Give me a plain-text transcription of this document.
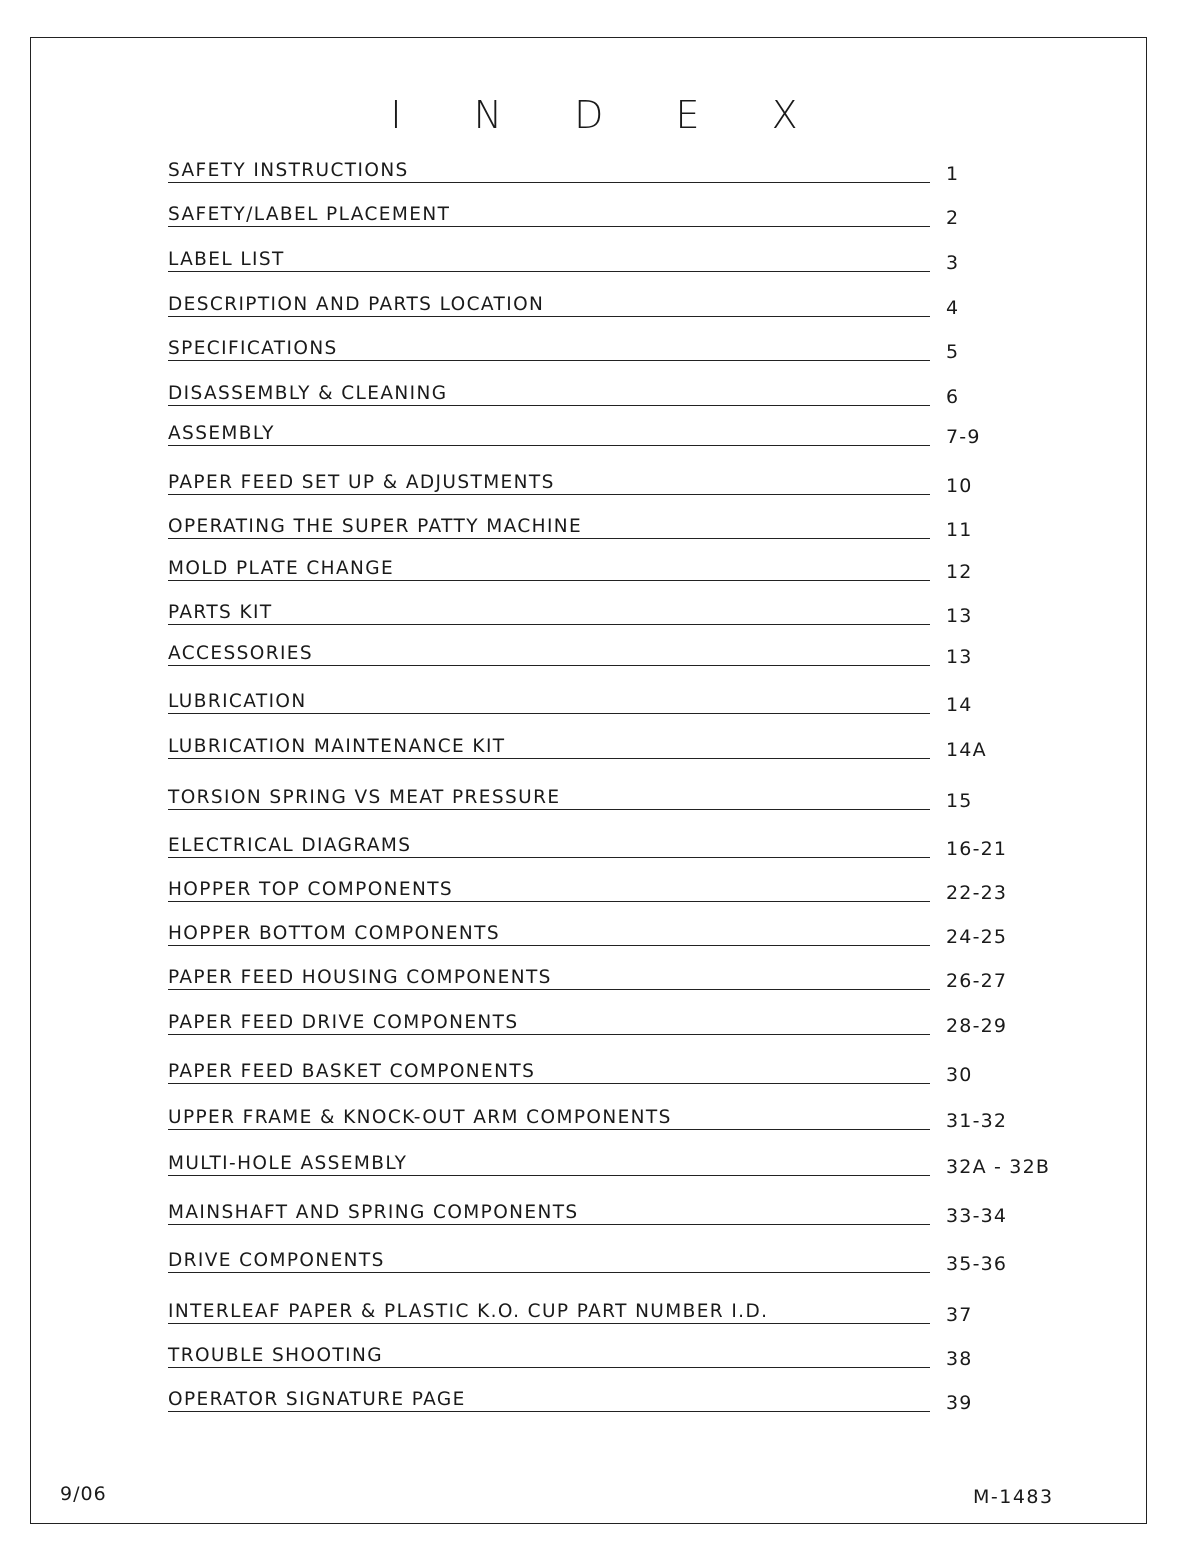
I N D E X
SAFETY INSTRUCTIONS	1
SAFETY/LABEL PLACEMENT	2
LABEL LIST	3
DESCRIPTION AND PARTS LOCATION	4
SPECIFICATIONS	5
DISASSEMBLY & CLEANING	6
ASSEMBLY	7-9
PAPER FEED SET UP & ADJUSTMENTS	10
OPERATING THE SUPER PATTY MACHINE	11
MOLD PLATE CHANGE	12
PARTS KIT	13
ACCESSORIES	13
LUBRICATION	14
LUBRICATION MAINTENANCE KIT	14A
TORSION SPRING VS MEAT PRESSURE	15
ELECTRICAL DIAGRAMS	16-21
HOPPER TOP COMPONENTS	22-23
HOPPER BOTTOM COMPONENTS	24-25
PAPER FEED HOUSING COMPONENTS	26-27
PAPER FEED DRIVE COMPONENTS	28-29
PAPER FEED BASKET COMPONENTS	30
UPPER FRAME & KNOCK-OUT ARM COMPONENTS	31-32
MULTI-HOLE ASSEMBLY	32A - 32B
MAINSHAFT AND SPRING COMPONENTS	33-34
DRIVE COMPONENTS	35-36
INTERLEAF PAPER & PLASTIC K.O. CUP PART NUMBER I.D.	37
TROUBLE SHOOTING	38
OPERATOR SIGNATURE PAGE	39
9/06	M-1483
